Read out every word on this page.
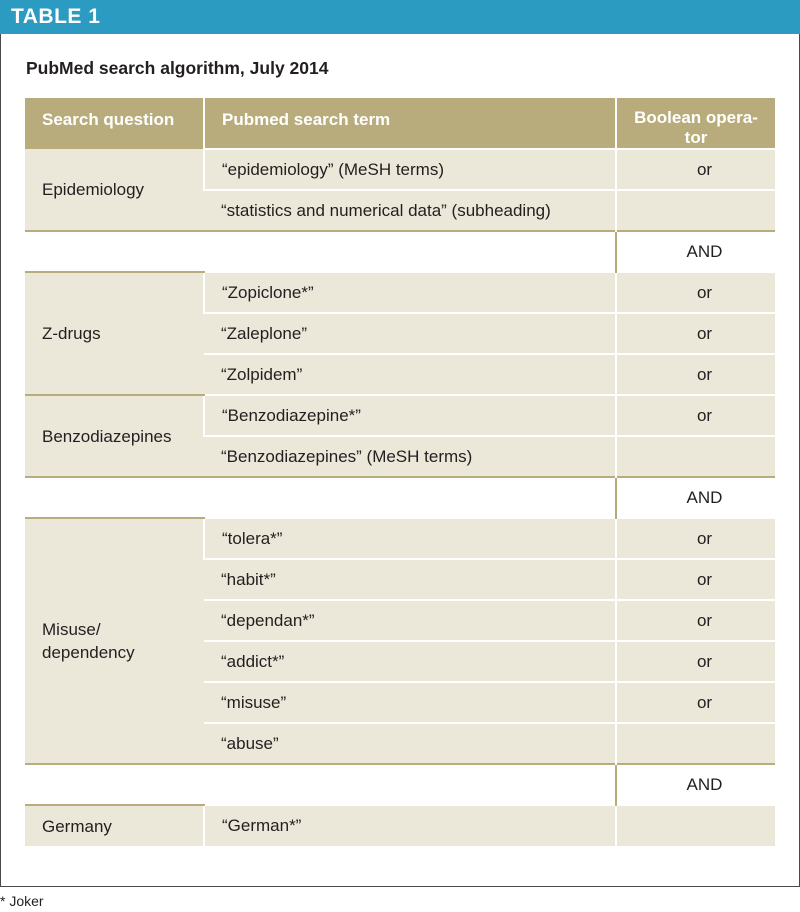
TABLE 1
PubMed search algorithm, July 2014
Search question	Pubmed search term	Boolean opera-
tor
Epidemiology	“epidemiology” (MeSH terms)	or
	“statistics and numerical data” (subheading)	
		AND
Z-drugs	“Zopiclone*”	or
	“Zaleplone”	or
	“Zolpidem”	or
Benzodiazepines	“Benzodiazepine*”	or
	“Benzodiazepines” (MeSH terms)	
		AND
Misuse/
dependency	“tolera*”	or
	“habit*”	or
	“dependan*”	or
	“addict*”	or
	“misuse”	or
	“abuse”	
		AND
Germany	“German*”	
* Joker
